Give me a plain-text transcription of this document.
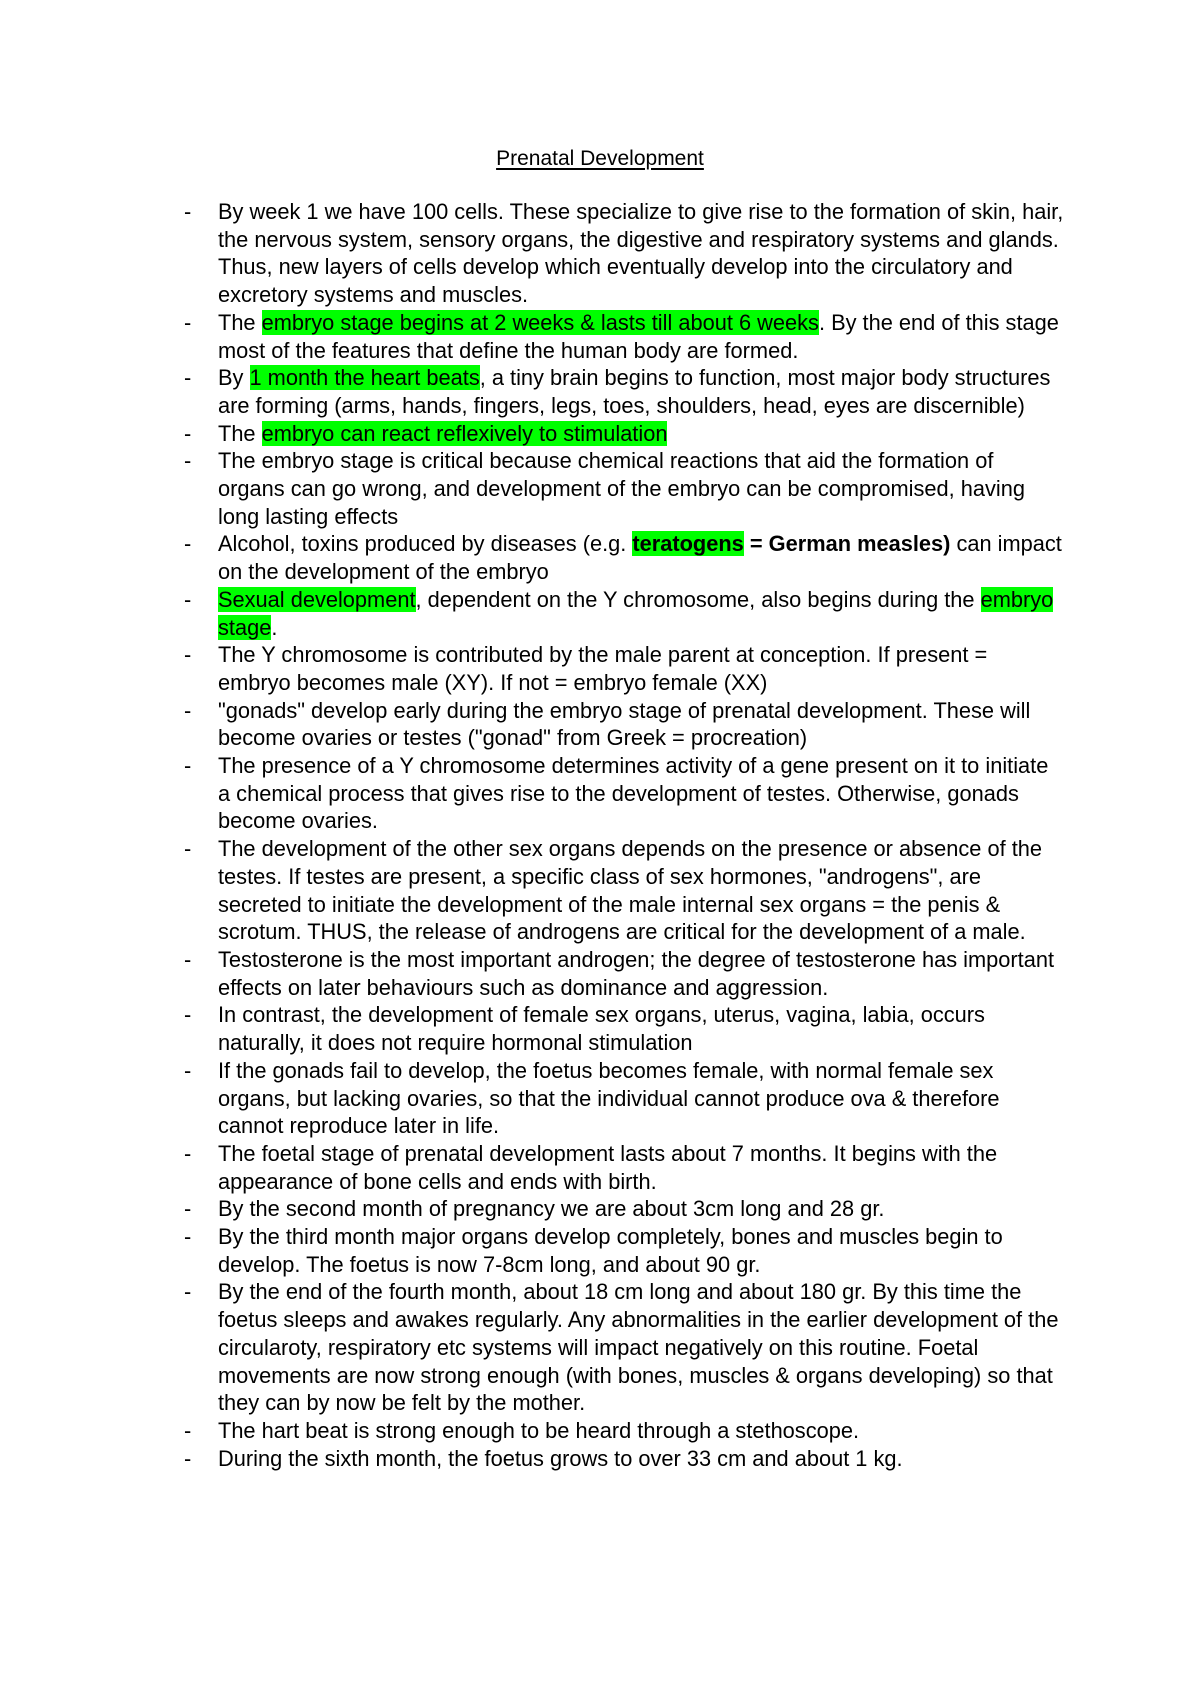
Prenatal Development
- By week 1 we have 100 cells. These specialize to give rise to the formation of skin, hair, the nervous system, sensory organs, the digestive and respiratory systems and glands. Thus, new layers of cells develop which eventually develop into the circulatory and excretory systems and muscles.
- The embryo stage begins at 2 weeks & lasts till about 6 weeks. By the end of this stage most of the features that define the human body are formed.
- By 1 month the heart beats, a tiny brain begins to function, most major body structures are forming (arms, hands, fingers, legs, toes, shoulders, head, eyes are discernible)
- The embryo can react reflexively to stimulation
- The embryo stage is critical because chemical reactions that aid the formation of organs can go wrong, and development of the embryo can be compromised, having long lasting effects
- Alcohol, toxins produced by diseases (e.g. teratogens = German measles) can impact on the development of the embryo
- Sexual development, dependent on the Y chromosome, also begins during the embryo stage.
- The Y chromosome is contributed by the male parent at conception. If present = embryo becomes male (XY). If not = embryo female (XX)
- "gonads" develop early during the embryo stage of prenatal development. These will become ovaries or testes ("gonad" from Greek = procreation)
- The presence of a Y chromosome determines activity of a gene present on it to initiate a chemical process that gives rise to the development of testes. Otherwise, gonads become ovaries.
- The development of the other sex organs depends on the presence or absence of the testes. If testes are present, a specific class of sex hormones, "androgens", are secreted to initiate the development of the male internal sex organs = the penis & scrotum. THUS, the release of androgens are critical for the development of a male.
- Testosterone is the most important androgen; the degree of testosterone has important effects on later behaviours such as dominance and aggression.
- In contrast, the development of female sex organs, uterus, vagina, labia, occurs naturally, it does not require hormonal stimulation
- If the gonads fail to develop, the foetus becomes female, with normal female sex organs, but lacking ovaries, so that the individual cannot produce ova & therefore cannot reproduce later in life.
- The foetal stage of prenatal development lasts about 7 months. It begins with the appearance of bone cells and ends with birth.
- By the second month of pregnancy we are about 3cm long and 28 gr.
- By the third month major organs develop completely, bones and muscles begin to develop. The foetus is now 7-8cm long, and about 90 gr.
- By the end of the fourth month, about 18 cm long and about 180 gr. By this time the foetus sleeps and awakes regularly. Any abnormalities in the earlier development of the circularoty, respiratory etc systems will impact negatively on this routine. Foetal movements are now strong enough (with bones, muscles & organs developing) so that they can by now be felt by the mother.
- The hart beat is strong enough to be heard through a stethoscope.
- During the sixth month, the foetus grows to over 33 cm and about 1 kg.
